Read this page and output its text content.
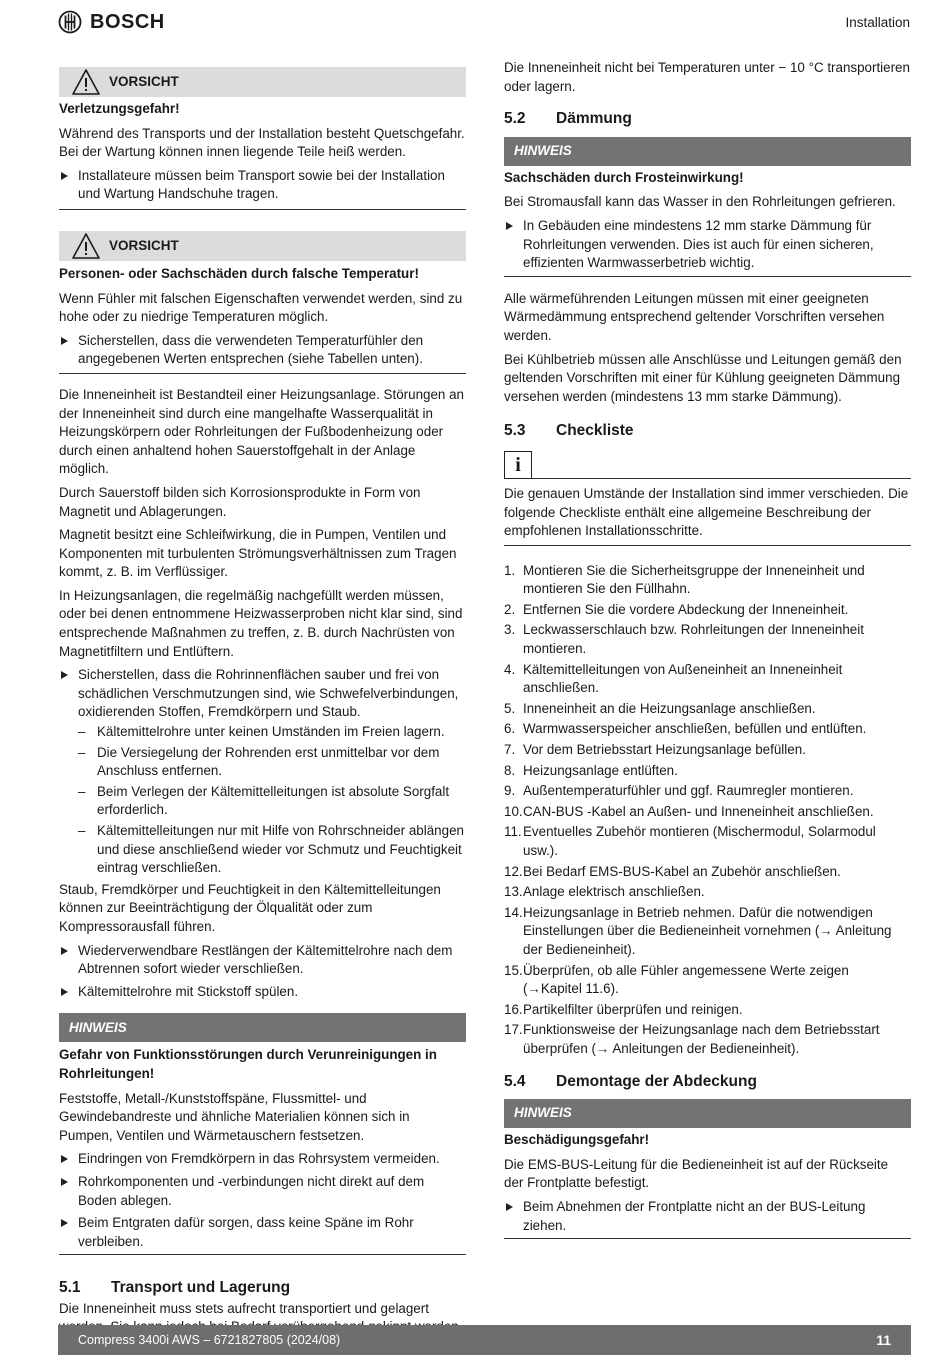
BOSCH	Installation
VORSICHT
Verletzungsgefahr!

Während des Transports und der Installation besteht Quetschgefahr. Bei der Wartung können innen liegende Teile heiß werden.

Installateure müssen beim Transport sowie bei der Installation und Wartung Handschuhe tragen.
VORSICHT
Personen- oder Sachschäden durch falsche Temperatur!

Wenn Fühler mit falschen Eigenschaften verwendet werden, sind zu hohe oder zu niedrige Temperaturen möglich.

Sicherstellen, dass die verwendeten Temperaturfühler den angegebenen Werten entsprechen (siehe Tabellen unten).

Die Inneneinheit ist Bestandteil einer Heizungsanlage. Störungen an der Inneneinheit sind durch eine mangelhafte Wasserqualität in Heizungskörpern oder Rohrleitungen der Fußbodenheizung oder durch einen anhaltend hohen Sauerstoffgehalt in der Anlage möglich.

Durch Sauerstoff bilden sich Korrosionsprodukte in Form von Magnetit und Ablagerungen.

Magnetit besitzt eine Schleifwirkung, die in Pumpen, Ventilen und Komponenten mit turbulenten Strömungsverhältnissen zum Tragen kommt, z. B. im Verflüssiger.

In Heizungsanlagen, die regelmäßig nachgefüllt werden müssen, oder bei denen entnommene Heizwasserproben nicht klar sind, sind entsprechende Maßnahmen zu treffen, z. B. durch Nachrüsten von Magnetitfiltern und Entlüftern.

Sicherstellen, dass die Rohrinnenflächen sauber und frei von schädlichen Verschmutzungen sind, wie Schwefelverbindungen, oxidierenden Stoffen, Fremdkörpern und Staub.
– Kältemittelrohre unter keinen Umständen im Freien lagern.
– Die Versiegelung der Rohrenden erst unmittelbar vor dem Anschluss entfernen.
– Beim Verlegen der Kältemittelleitungen ist absolute Sorgfalt erforderlich.
– Kältemittelleitungen nur mit Hilfe von Rohrschneider ablängen und diese anschließend wieder vor Schmutz und Feuchtigkeit eintrag verschließen.

Staub, Fremdkörper und Feuchtigkeit in den Kältemittelleitungen können zur Beeinträchtigung der Ölqualität oder zum Kompressorausfall führen.

Wiederverwendbare Restlängen der Kältemittelrohre nach dem Abtrennen sofort wieder verschließen.
Kältemittelrohre mit Stickstoff spülen.
HINWEIS
Gefahr von Funktionsstörungen durch Verunreinigungen in Rohrleitungen!

Feststoffe, Metall-/Kunststoffspäne, Flussmittel- und Gewindebandreste und ähnliche Materialien können sich in Pumpen, Ventilen und Wärmetauschern festsetzen.

Eindringen von Fremdkörpern in das Rohrsystem vermeiden.
Rohrkomponenten und -verbindungen nicht direkt auf dem Boden ablegen.
Beim Entgraten dafür sorgen, dass keine Späne im Rohr verbleiben.
5.1	Transport und Lagerung

Die Inneneinheit muss stets aufrecht transportiert und gelagert

Die Inneneinheit nicht bei Temperaturen unter − 10 °C transportieren oder lagern.

5.2	Dämmung
HINWEIS
Sachschäden durch Frosteinwirkung!

Bei Stromausfall kann das Wasser in den Rohrleitungen gefrieren.

In Gebäuden eine mindestens 12 mm starke Dämmung für Rohrleitungen verwenden. Dies ist auch für einen sicheren, effizienten Warmwasserbetrieb wichtig.

Alle wärmeführenden Leitungen müssen mit einer geeigneten Wärmedämmung entsprechend geltender Vorschriften versehen werden.

Bei Kühlbetrieb müssen alle Anschlüsse und Leitungen gemäß den geltenden Vorschriften mit einer für Kühlung geeigneten Dämmung versehen werden (mindestens 13 mm starke Dämmung).

5.3	Checkliste
i

Die genauen Umstände der Installation sind immer verschieden. Die folgende Checkliste enthält eine allgemeine Beschreibung der empfohlenen Installationsschritte.

1. Montieren Sie die Sicherheitsgruppe der Inneneinheit und montieren Sie den Füllhahn.
2. Entfernen Sie die vordere Abdeckung der Inneneinheit.
3. Leckwasserschlauch bzw. Rohrleitungen der Inneneinheit montieren.
4. Kältemittelleitungen von Außeneinheit an Inneneinheit anschließen.
5. Inneneinheit an die Heizungsanlage anschließen.
6. Warmwasserspeicher anschließen, befüllen und entlüften.
7. Vor dem Betriebsstart Heizungsanlage befüllen.
8. Heizungsanlage entlüften.
9. Außentemperaturfühler und ggf. Raumregler montieren.
10. CAN-BUS -Kabel an Außen- und Inneneinheit anschließen.
11. Eventuelles Zubehör montieren (Mischermodul, Solarmodul usw.).
12. Bei Bedarf EMS-BUS-Kabel an Zubehör anschließen.
13. Anlage elektrisch anschließen.
14. Heizungsanlage in Betrieb nehmen. Dafür die notwendigen Einstellungen über die Bedieneinheit vornehmen (→ Anleitung der Bedieneinheit).
15. Überprüfen, ob alle Fühler angemessene Werte zeigen (→Kapitel 11.6).
16. Partikelfilter überprüfen und reinigen.
17. Funktionsweise der Heizungsanlage nach dem Betriebsstart überprüfen (→ Anleitungen der Bedieneinheit).
5.4	Demontage der Abdeckung
HINWEIS
Beschädigungsgefahr!

Die EMS-BUS-Leitung für die Bedieneinheit ist auf der Rückseite der Frontplatte befestigt.

Beim Abnehmen der Frontplatte nicht an der BUS-Leitung ziehen.
Compress 3400i AWS – 6721827805 (2024/08)	11
